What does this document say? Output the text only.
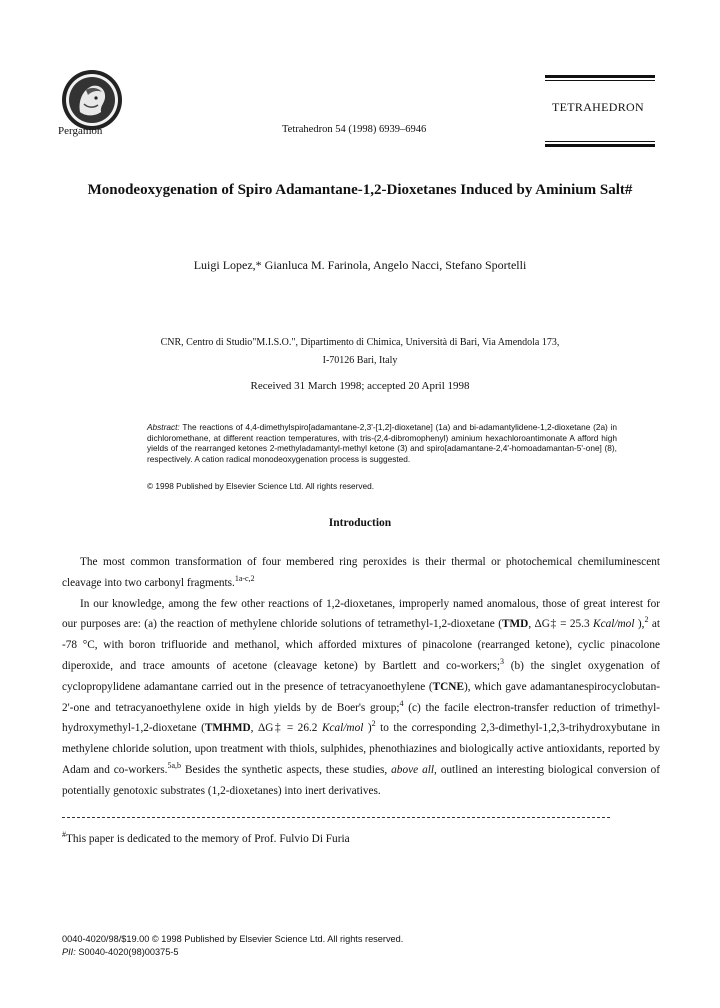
Pergamon	Tetrahedron 54 (1998) 6939–6946
TETRAHEDRON
Monodeoxygenation of Spiro Adamantane-1,2-Dioxetanes Induced by Aminium Salt#
Luigi Lopez,* Gianluca M. Farinola, Angelo Nacci, Stefano Sportelli
CNR, Centro di Studio"M.I.S.O.", Dipartimento di Chimica, Università di Bari, Via Amendola 173,
I-70126 Bari, Italy
Received 31 March 1998; accepted 20 April 1998
Abstract: The reactions of 4,4-dimethylspiro[adamantane-2,3'-[1,2]-dioxetane] (1a) and bi-adamantylidene-1,2-dioxetane (2a) in dichloromethane, at different reaction temperatures, with tris-(2,4-dibromophenyl) aminium hexachloroantimonate A afford high yields of the rearranged ketones 2-methyladamantyl-methyl ketone (3) and spiro[adamantane-2,4'-homoadamantan-5'-one] (8), respectively. A cation radical monodeoxygenation process is suggested.
© 1998 Published by Elsevier Science Ltd. All rights reserved.
Introduction

The most common transformation of four membered ring peroxides is their thermal or photochemical chemiluminescent cleavage into two carbonyl fragments.$^{1a-c,2}$

In our knowledge, among the few other reactions of 1,2-dioxetanes, improperly named anomalous, those of great interest for our purposes are: (a) the reaction of methylene chloride solutions of tetramethyl-1,2-dioxetane (TMD, ΔG‡ = 25.3 Kcal/mol ),$^2$ at -78 °C, with boron trifluoride and methanol, which afforded mixtures of pinacolone (rearranged ketone), cyclic pinacolone diperoxide, and trace amounts of acetone (cleavage ketone) by Bartlett and co-workers;$^3$ (b) the singlet oxygenation of cyclopropylidene adamantane carried out in the presence of tetracyanoethylene (TCNE), which gave adamantanespirocyclobutan-2'-one and tetracyanoethylene oxide in high yields by de Boer's group;$^4$ (c) the facile electron-transfer reduction of trimethyl-hydroxymethyl-1,2-dioxetane (TMHMD, ΔG‡ = 26.2 Kcal/mol )$^2$ to the corresponding 2,3-dimethyl-1,2,3-trihydroxybutane in methylene chloride solution, upon treatment with thiols, sulphides, phenothiazines and biologically active antioxidants, reported by Adam and co-workers.$^{5a,b}$ Besides the synthetic aspects, these studies, above all, outlined an interesting biological conversion of potentially genotoxic substrates (1,2-dioxetanes) into inert derivatives.

#This paper is dedicated to the memory of Prof. Fulvio Di Furia
0040-4020/98/$19.00 © 1998 Published by Elsevier Science Ltd. All rights reserved.
PII: S0040-4020(98)00375-5
